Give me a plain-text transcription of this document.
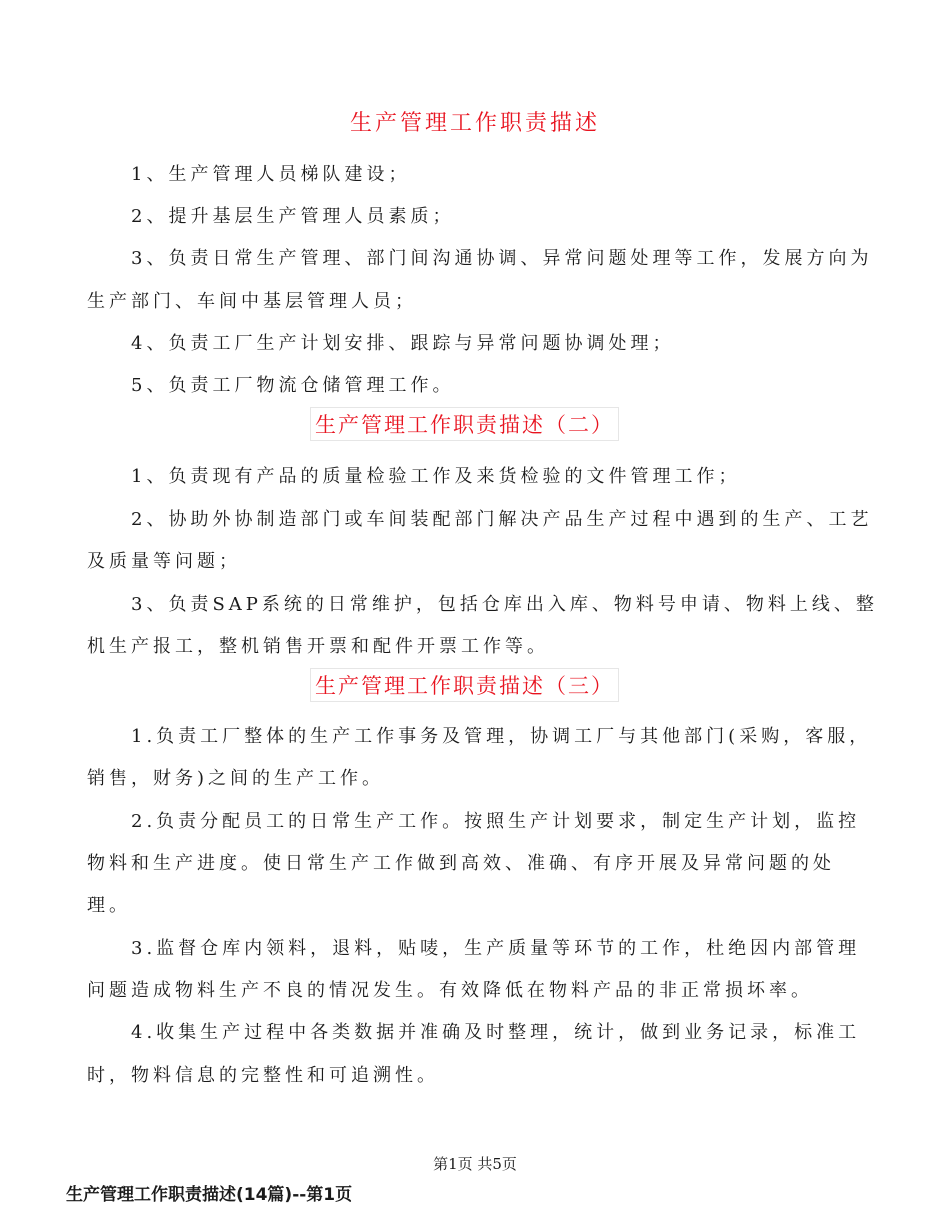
生产管理工作职责描述

1、生产管理人员梯队建设；

2、提升基层生产管理人员素质；

3、负责日常生产管理、部门间沟通协调、异常问题处理等工作，发展方向为

生产部门、车间中基层管理人员；

4、负责工厂生产计划安排、跟踪与异常问题协调处理；

5、负责工厂物流仓储管理工作。

生产管理工作职责描述（二）

1、负责现有产品的质量检验工作及来货检验的文件管理工作；

2、协助外协制造部门或车间装配部门解决产品生产过程中遇到的生产、工艺

及质量等问题；

3、负责SAP系统的日常维护，包括仓库出入库、物料号申请、物料上线、整

机生产报工，整机销售开票和配件开票工作等。

生产管理工作职责描述（三）

1.负责工厂整体的生产工作事务及管理，协调工厂与其他部门(采购，客服，

销售，财务)之间的生产工作。

2.负责分配员工的日常生产工作。按照生产计划要求，制定生产计划，监控

物料和生产进度。使日常生产工作做到高效、准确、有序开展及异常问题的处

理。

3.监督仓库内领料，退料，贴唛，生产质量等环节的工作，杜绝因内部管理

问题造成物料生产不良的情况发生。有效降低在物料产品的非正常损坏率。

4.收集生产过程中各类数据并准确及时整理，统计，做到业务记录，标准工

时，物料信息的完整性和可追溯性。

第1页 共5页
生产管理工作职责描述(14篇)--第1页
